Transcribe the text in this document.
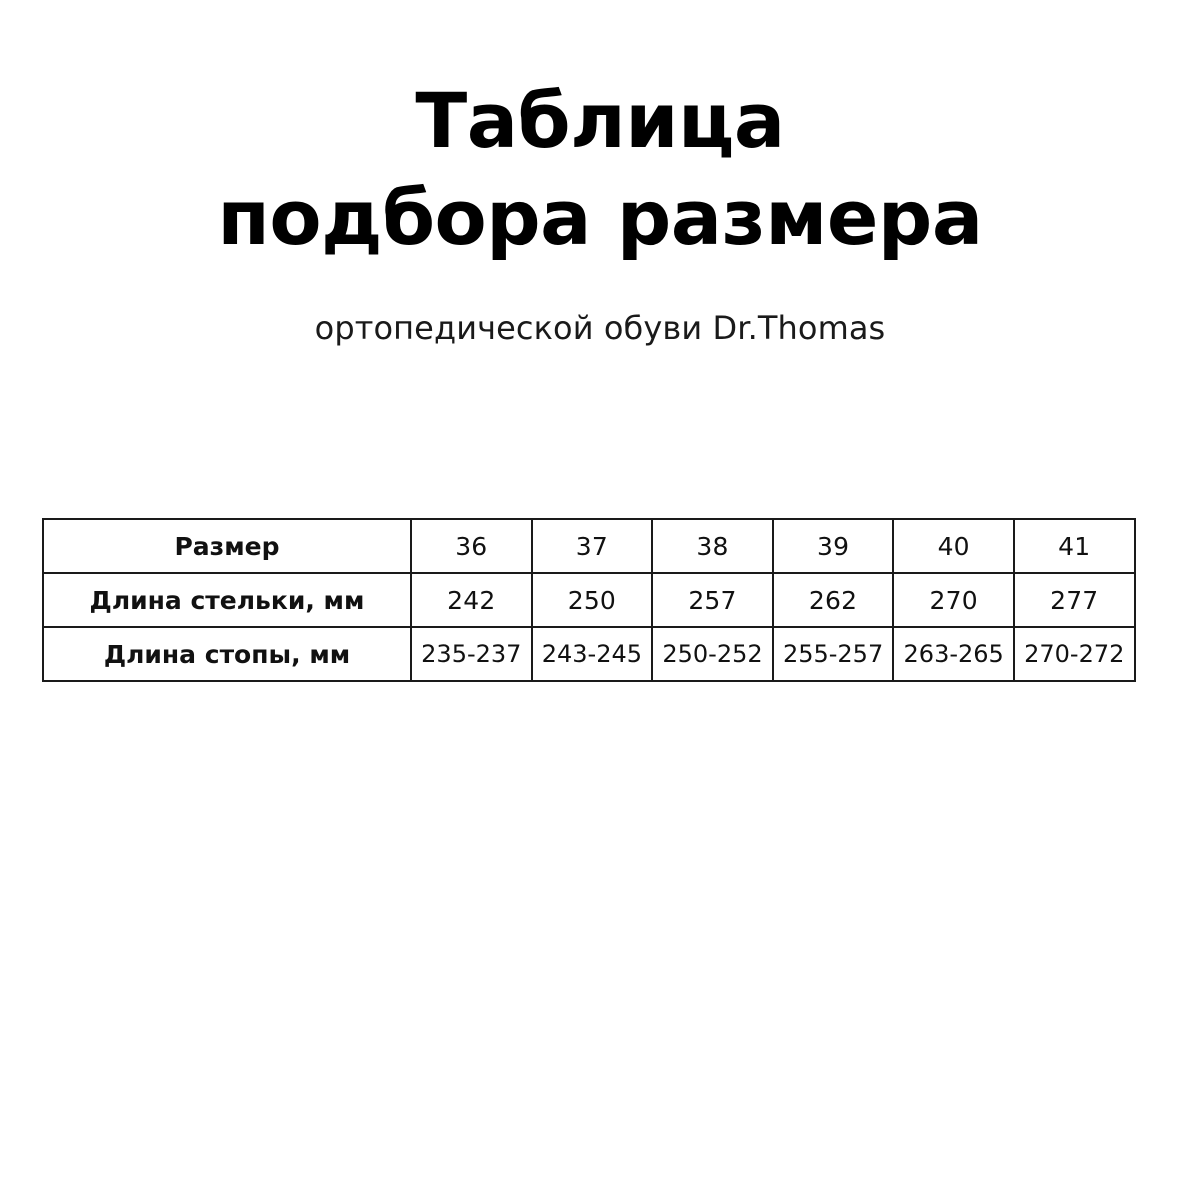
Таблица
подбора размера
ортопедической обуви Dr.Thomas
Размер	36	37	38	39	40	41
Длина стельки, мм	242	250	257	262	270	277
Длина стопы, мм	235-237	243-245	250-252	255-257	263-265	270-272
